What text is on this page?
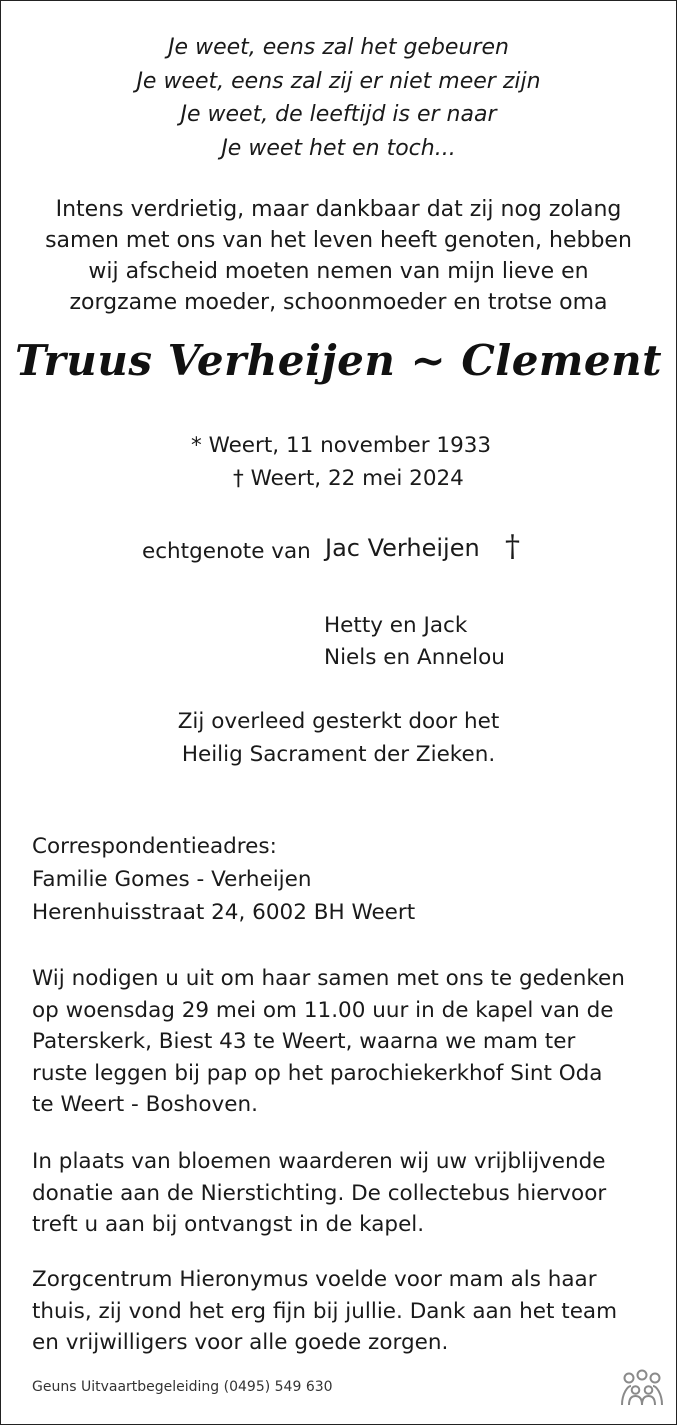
Je weet, eens zal het gebeuren
Je weet, eens zal zij er niet meer zijn
Je weet, de leeftijd is er naar
Je weet het en toch...
Intens verdrietig, maar dankbaar dat zij nog zolang
samen met ons van het leven heeft genoten, hebben
wij afscheid moeten nemen van mijn lieve en
zorgzame moeder, schoonmoeder en trotse oma
Truus Verheijen ~ Clement
* Weert, 11 november 1933
† Weert, 22 mei 2024
echtgenote van Jac Verheijen †
Hetty en Jack
Niels en Annelou
Zij overleed gesterkt door het
Heilig Sacrament der Zieken.
Correspondentieadres:
Familie Gomes - Verheijen
Herenhuisstraat 24, 6002 BH Weert
Wij nodigen u uit om haar samen met ons te gedenken
op woensdag 29 mei om 11.00 uur in de kapel van de
Paterskerk, Biest 43 te Weert, waarna we mam ter
ruste leggen bij pap op het parochiekerkhof Sint Oda
te Weert - Boshoven.
In plaats van bloemen waarderen wij uw vrijblijvende
donatie aan de Nierstichting. De collectebus hiervoor
treft u aan bij ontvangst in de kapel.
Zorgcentrum Hieronymus voelde voor mam als haar
thuis, zij vond het erg fijn bij jullie. Dank aan het team
en vrijwilligers voor alle goede zorgen.
Geuns Uitvaartbegeleiding (0495) 549 630
